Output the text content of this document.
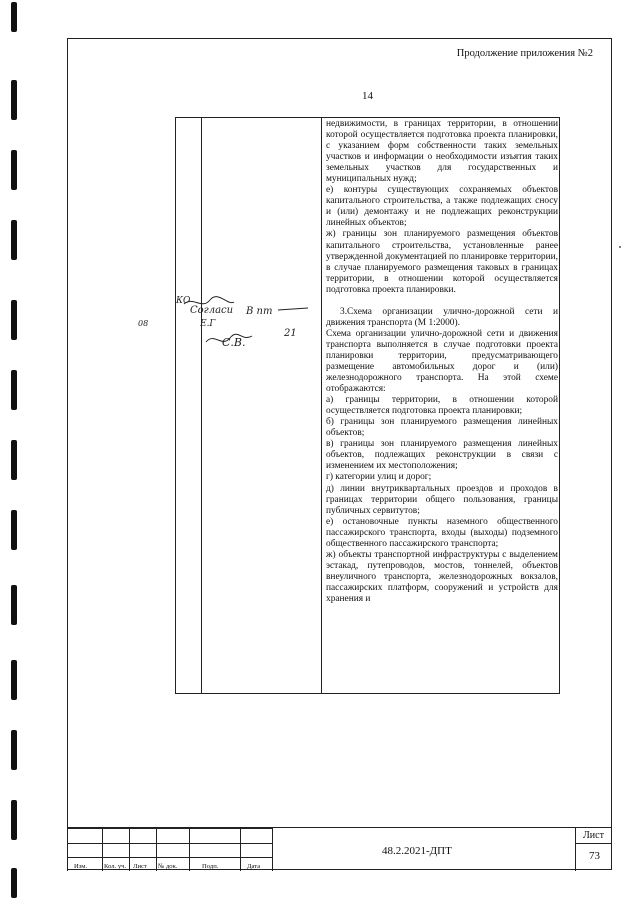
Продолжение приложения №2
14

недвижимости, в границах территории, в отношении которой осуществляется подготовка проекта планировки, с указанием форм собственности таких земельных участков и информации о необходимости изъятия таких земельных участков для государственных и муниципальных нужд;

е) контуры существующих сохраняемых объектов капитального строительства, а также подлежащих сносу и (или) демонтажу и не подлежащих реконструкции линейных объектов;

ж) границы зон планируемого размещения объектов капитального строительства, установленные ранее утвержденной документацией по планировке территории, в случае планируемого размещения таковых в границах территории, в отношении которой осуществляется подготовка проекта планировки.

3.Схема организации улично-дорожной сети и движения транспорта (М 1:2000).

Схема организации улично-дорожной сети и движения транспорта выполняется в случае подготовки проекта планировки территории, предусматривающего размещение автомобильных дорог и (или) железнодорожного транспорта. На этой схеме отображаются:

а) границы территории, в отношении которой осуществляется подготовка проекта планировки;

б) границы зон планируемого размещения линейных объектов;

в) границы зон планируемого размещения линейных объектов, подлежащих реконструкции в связи с изменением их местоположения;

г) категории улиц и дорог;

д) линии внутриквартальных проездов и проходов в границах территории общего пользования, границы публичных сервитутов;

е) остановочные пункты наземного общественного пассажирского транспорта, входы (выходы) подземного общественного пассажирского транспорта;

ж) объекты транспортной инфраструктуры с выделением эстакад, путепроводов, мостов, тоннелей, объектов внеуличного транспорта, железнодорожных вокзалов, пассажирских платформ, сооружений и устройств для хранения и

КО
Согласи В пт
Е.Г
21
С.В.
08
Изм.	Кол. уч. Лист № док.	Подп.	Дата
48.2.2021-ДПТ
Лист
73
